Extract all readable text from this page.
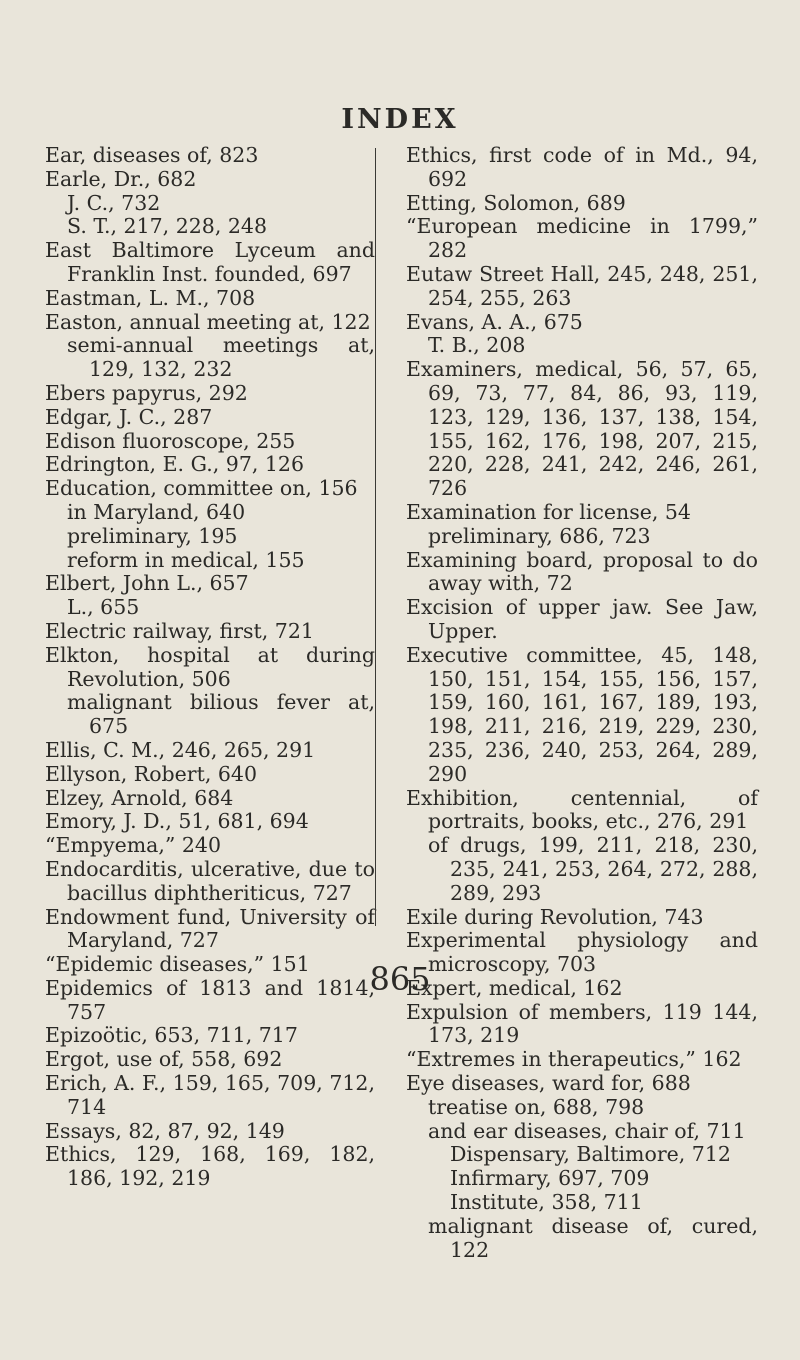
INDEX

Ear, diseases of, 823

Earle, Dr., 682

J. C., 732

S. T., 217, 228, 248

East Baltimore Lyceum and Franklin Inst. founded, 697

Eastman, L. M., 708

Easton, annual meeting at, 122

semi-annual meetings at, 129, 132, 232

Ebers papyrus, 292

Edgar, J. C., 287

Edison fluoroscope, 255

Edrington, E. G., 97, 126

Education, committee on, 156

in Maryland, 640

preliminary, 195

reform in medical, 155

Elbert, John L., 657

L., 655

Electric railway, first, 721

Elkton, hospital at during Revolution, 506

malignant bilious fever at, 675

Ellis, C. M., 246, 265, 291

Ellyson, Robert, 640

Elzey, Arnold, 684

Emory, J. D., 51, 681, 694

“Empyema,” 240

Endocarditis, ulcerative, due to bacillus diphtheriticus, 727

Endowment fund, University of Maryland, 727

“Epidemic diseases,” 151

Epidemics of 1813 and 1814, 757

Epizoötic, 653, 711, 717

Ergot, use of, 558, 692

Erich, A. F., 159, 165, 709, 712, 714

Essays, 82, 87, 92, 149

Ethics, 129, 168, 169, 182, 186, 192, 219

Ethics, first code of in Md., 94, 692

Etting, Solomon, 689

“European medicine in 1799,” 282

Eutaw Street Hall, 245, 248, 251, 254, 255, 263

Evans, A. A., 675

T. B., 208

Examiners, medical, 56, 57, 65, 69, 73, 77, 84, 86, 93, 119, 123, 129, 136, 137, 138, 154, 155, 162, 176, 198, 207, 215, 220, 228, 241, 242, 246, 261, 726

Examination for license, 54

preliminary, 686, 723

Examining board, proposal to do away with, 72

Excision of upper jaw. See Jaw, Upper.

Executive committee, 45, 148, 150, 151, 154, 155, 156, 157, 159, 160, 161, 167, 189, 193, 198, 211, 216, 219, 229, 230, 235, 236, 240, 253, 264, 289, 290

Exhibition, centennial, of portraits, books, etc., 276, 291

of drugs, 199, 211, 218, 230, 235, 241, 253, 264, 272, 288, 289, 293

Exile during Revolution, 743

Experimental physiology and microscopy, 703

Expert, medical, 162

Expulsion of members, 119 144, 173, 219

“Extremes in therapeutics,” 162

Eye diseases, ward for, 688

treatise on, 688, 798

and ear diseases, chair of, 711

Dispensary, Baltimore, 712

Infirmary, 697, 709

Institute, 358, 711

malignant disease of, cured, 122

865
